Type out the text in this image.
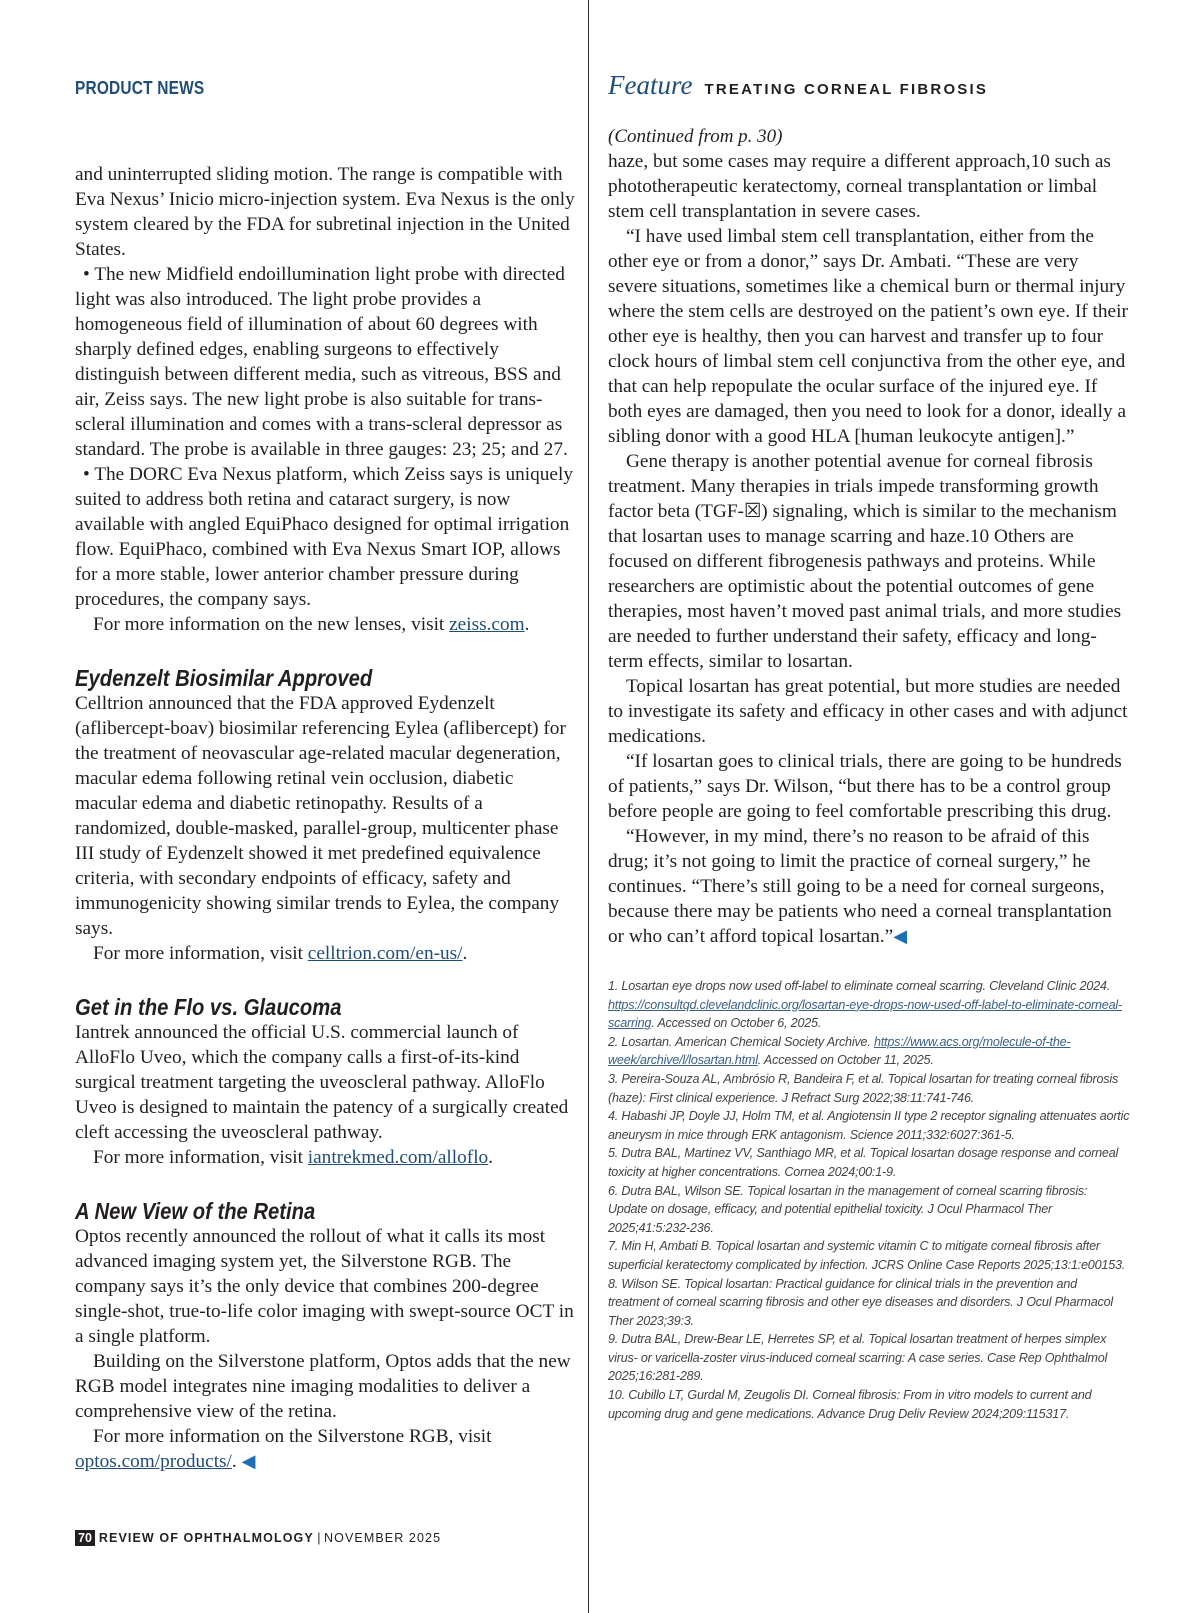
PRODUCT NEWS

and uninterrupted sliding motion. The range is compatible with Eva Nexus’ Inicio micro-injection system. Eva Nexus is the only system cleared by the FDA for subretinal injection in the United States.

• The new Midfield endoillumination light probe with directed light was also introduced. The light probe provides a homogeneous field of illumination of about 60 degrees with sharply defined edges, enabling surgeons to effectively distinguish between different media, such as vitreous, BSS and air, Zeiss says. The new light probe is also suitable for trans-scleral illumination and comes with a trans-scleral depressor as standard. The probe is available in three gauges: 23; 25; and 27.

• The DORC Eva Nexus platform, which Zeiss says is uniquely suited to address both retina and cataract surgery, is now available with angled EquiPhaco designed for optimal irrigation flow. EquiPhaco, combined with Eva Nexus Smart IOP, allows for a more stable, lower anterior chamber pressure during procedures, the company says.

For more information on the new lenses, visit zeiss.com.

Eydenzelt Biosimilar Approved

Celltrion announced that the FDA approved Eydenzelt (aflibercept-boav) biosimilar referencing Eylea (aflibercept) for the treatment of neovascular age-related macular degeneration, macular edema following retinal vein occlusion, diabetic macular edema and diabetic retinopathy. Results of a randomized, double-masked, parallel-group, multicenter phase III study of Eydenzelt showed it met predefined equivalence criteria, with secondary endpoints of efficacy, safety and immunogenicity showing similar trends to Eylea, the company says.

For more information, visit celltrion.com/en-us/.

Get in the Flo vs. Glaucoma

Iantrek announced the official U.S. commercial launch of AlloFlo Uveo, which the company calls a first-of-its-kind surgical treatment targeting the uveoscleral pathway. AlloFlo Uveo is designed to maintain the patency of a surgically created cleft accessing the uveoscleral pathway.

For more information, visit iantrekmed.com/alloflo.

A New View of the Retina

Optos recently announced the rollout of what it calls its most advanced imaging system yet, the Silverstone RGB. The company says it’s the only device that combines 200-degree single-shot, true-to-life color imaging with swept-source OCT in a single platform.

Building on the Silverstone platform, Optos adds that the new RGB model integrates nine imaging modalities to deliver a comprehensive view of the retina.

For more information on the Silverstone RGB, visit optos.com/products/. ◀

Feature TREATING CORNEAL FIBROSIS
(Continued from p. 30)

haze, but some cases may require a different approach,10 such as phototherapeutic keratectomy, corneal transplantation or limbal stem cell transplantation in severe cases.

“I have used limbal stem cell transplantation, either from the other eye or from a donor,” says Dr. Ambati. “These are very severe situations, sometimes like a chemical burn or thermal injury where the stem cells are destroyed on the patient’s own eye. If their other eye is healthy, then you can harvest and transfer up to four clock hours of limbal stem cell conjunctiva from the other eye, and that can help repopulate the ocular surface of the injured eye. If both eyes are damaged, then you need to look for a donor, ideally a sibling donor with a good HLA [human leukocyte antigen].”

Gene therapy is another potential avenue for corneal fibrosis treatment. Many therapies in trials impede transforming growth factor beta (TGF-☒) signaling, which is similar to the mechanism that losartan uses to manage scarring and haze.10 Others are focused on different fibrogenesis pathways and proteins. While researchers are optimistic about the potential outcomes of gene therapies, most haven’t moved past animal trials, and more studies are needed to further understand their safety, efficacy and long-term effects, similar to losartan.

Topical losartan has great potential, but more studies are needed to investigate its safety and efficacy in other cases and with adjunct medications.

“If losartan goes to clinical trials, there are going to be hundreds of patients,” says Dr. Wilson, “but there has to be a control group before people are going to feel comfortable prescribing this drug.

“However, in my mind, there’s no reason to be afraid of this drug; it’s not going to limit the practice of corneal surgery,” he continues. “There’s still going to be a need for corneal surgeons, because there may be patients who need a corneal transplantation or who can’t afford topical losartan.”◀

1. Losartan eye drops now used off-label to eliminate corneal scarring. Cleveland Clinic 2024. https://consultqd.clevelandclinic.org/losartan-eye-drops-now-used-off-label-to-eliminate-corneal-scarring. Accessed on October 6, 2025.

2. Losartan. American Chemical Society Archive. https://www.acs.org/molecule-of-the-week/archive/l/losartan.html. Accessed on October 11, 2025.

3. Pereira-Souza AL, Ambrósio R, Bandeira F, et al. Topical losartan for treating corneal fibrosis (haze): First clinical experience. J Refract Surg 2022;38:11:741-746.

4. Habashi JP, Doyle JJ, Holm TM, et al. Angiotensin II type 2 receptor signaling attenuates aortic aneurysm in mice through ERK antagonism. Science 2011;332:6027:361-5.

5. Dutra BAL, Martinez VV, Santhiago MR, et al. Topical losartan dosage response and corneal toxicity at higher concentrations. Cornea 2024;00:1-9.

6. Dutra BAL, Wilson SE. Topical losartan in the management of corneal scarring fibrosis: Update on dosage, efficacy, and potential epithelial toxicity. J Ocul Pharmacol Ther 2025;41:5:232-236.

7. Min H, Ambati B. Topical losartan and systemic vitamin C to mitigate corneal fibrosis after superficial keratectomy complicated by infection. JCRS Online Case Reports 2025;13:1:e00153.

8. Wilson SE. Topical losartan: Practical guidance for clinical trials in the prevention and treatment of corneal scarring fibrosis and other eye diseases and disorders. J Ocul Pharmacol Ther 2023;39:3.

9. Dutra BAL, Drew-Bear LE, Herretes SP, et al. Topical losartan treatment of herpes simplex virus- or varicella-zoster virus-induced corneal scarring: A case series. Case Rep Ophthalmol 2025;16:281-289.

10. Cubillo LT, Gurdal M, Zeugolis DI. Corneal fibrosis: From in vitro models to current and upcoming drug and gene medications. Advance Drug Deliv Review 2024;209:115317.

70 REVIEW OF OPHTHALMOLOGY | NOVEMBER 2025
